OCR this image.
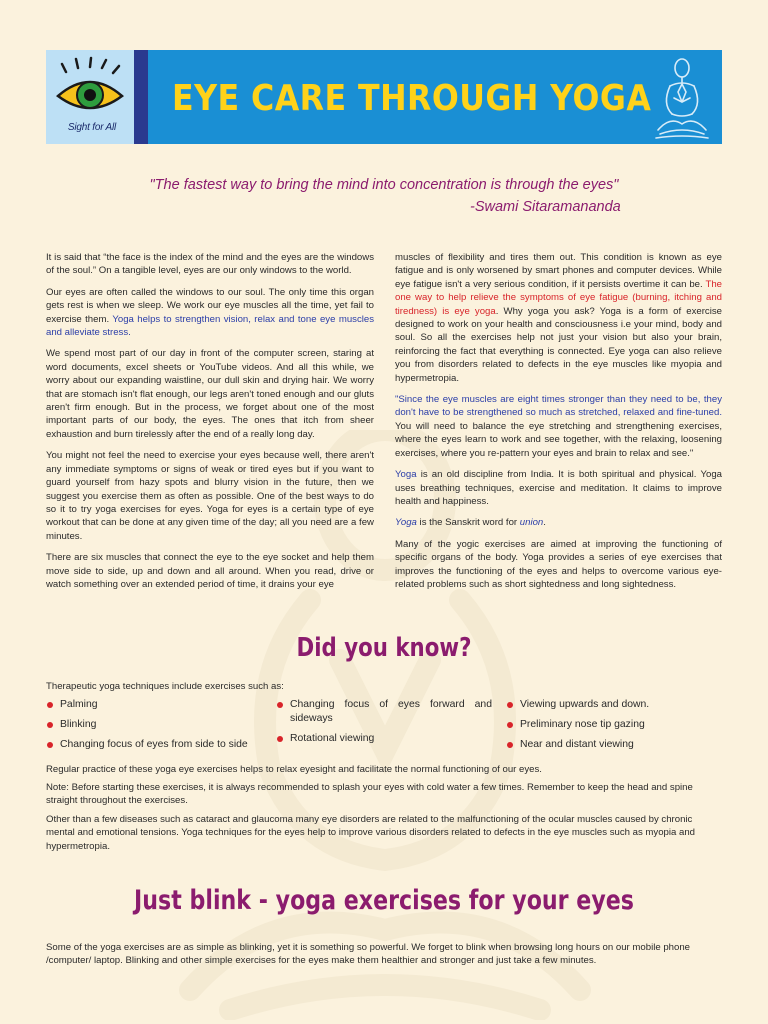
Sight for All
EYE CARE THROUGH YOGA
"The fastest way to bring the mind into concentration is through the eyes"
-Swami Sitaramananda

It is said that “the face is the index of the mind and the eyes are the windows of the soul.” On a tangible level, eyes are our only windows to the world.

Our eyes are often called the windows to our soul. The only time this organ gets rest is when we sleep. We work our eye muscles all the time, yet fail to exercise them. Yoga helps to strengthen vision, relax and tone eye muscles and alleviate stress.

We spend most part of our day in front of the computer screen, staring at word documents, excel sheets or YouTube videos. And all this while, we worry about our expanding waistline, our dull skin and drying hair. We worry that are stomach isn't flat enough, our legs aren't toned enough and our gluts aren't firm enough. But in the process, we forget about one of the most important parts of our body, the eyes. The ones that itch from sheer exhaustion and burn tirelessly after the end of a really long day.

You might not feel the need to exercise your eyes because well, there aren't any immediate symptoms or signs of weak or tired eyes but if you want to guard yourself from hazy spots and blurry vision in the future, then we suggest you exercise them as often as possible. One of the best ways to do so it to try yoga exercises for eyes. Yoga for eyes is a certain type of eye workout that can be done at any given time of the day; all you need are a few minutes.

There are six muscles that connect the eye to the eye socket and help them move side to side, up and down and all around. When you read, drive or watch something over an extended period of time, it drains your eye

muscles of flexibility and tires them out. This condition is known as eye fatigue and is only worsened by smart phones and computer devices. While eye fatigue isn't a very serious condition, if it persists overtime it can be. The one way to help relieve the symptoms of eye fatigue (burning, itching and tiredness) is eye yoga. Why yoga you ask? Yoga is a form of exercise designed to work on your health and consciousness i.e your mind, body and soul. So all the exercises help not just your vision but also your brain, reinforcing the fact that everything is connected. Eye yoga can also relieve you from disorders related to defects in the eye muscles like myopia and hypermetropia.

"Since the eye muscles are eight times stronger than they need to be, they don't have to be strengthened so much as stretched, relaxed and fine-tuned. You will need to balance the eye stretching and strengthening exercises, where the eyes learn to work and see together, with the relaxing, loosening exercises, where you re-pattern your eyes and brain to relax and see."

Yoga is an old discipline from India. It is both spiritual and physical. Yoga uses breathing techniques, exercise and meditation. It claims to improve health and happiness.

Yoga is the Sanskrit word for union.

Many of the yogic exercises are aimed at improving the functioning of specific organs of the body. Yoga provides a series of eye exercises that improves the functioning of the eyes and helps to overcome various eye-related problems such as short sightedness and long sightedness.

Did you know?
Therapeutic yoga techniques include exercises such as:
Palming
Blinking
Changing focus of eyes from side to side
Changing focus of eyes forward and sideways
Rotational viewing
Viewing upwards and down.
Preliminary nose tip gazing
Near and distant viewing
Regular practice of these yoga eye exercises helps to relax eyesight and facilitate the normal functioning of our eyes.
Note: Before starting these exercises, it is always recommended to splash your eyes with cold water a few times. Remember to keep the head and spine straight throughout the exercises.
Other than a few diseases such as cataract and glaucoma many eye disorders are related to the malfunctioning of the ocular muscles caused by chronic mental and emotional tensions. Yoga techniques for the eyes help to improve various disorders related to defects in the eye muscles such as myopia and hypermetropia.
Just blink - yoga exercises for your eyes
Some of the yoga exercises are as simple as blinking, yet it is something so powerful. We forget to blink when browsing long hours on our mobile phone /computer/ laptop. Blinking and other simple exercises for the eyes make them healthier and stronger and just take a few minutes.
